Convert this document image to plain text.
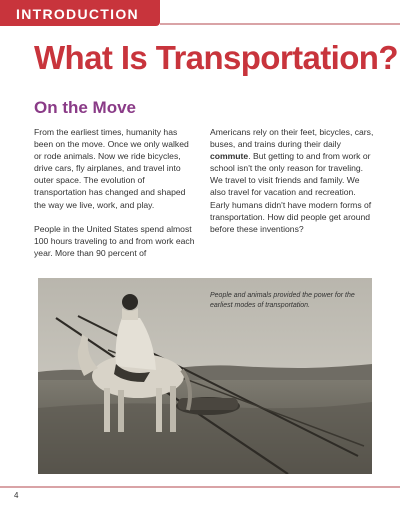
INTRODUCTION
What Is Transportation?
On the Move

From the earliest times, humanity has been on the move. Once we only walked or rode animals. Now we ride bicycles, drive cars, fly airplanes, and travel into outer space. The evolution of transportation has changed and shaped the way we live, work, and play.

People in the United States spend almost 100 hours traveling to and from work each year. More than 90 percent of

Americans rely on their feet, bicycles, cars, buses, and trains during their daily commute. But getting to and from work or school isn't the only reason for traveling. We travel to visit friends and family. We also travel for vacation and recreation. Early humans didn't have modern forms of transportation. How did people get around before these inventions?

People and animals provided the power for the earliest modes of transportation.
4
